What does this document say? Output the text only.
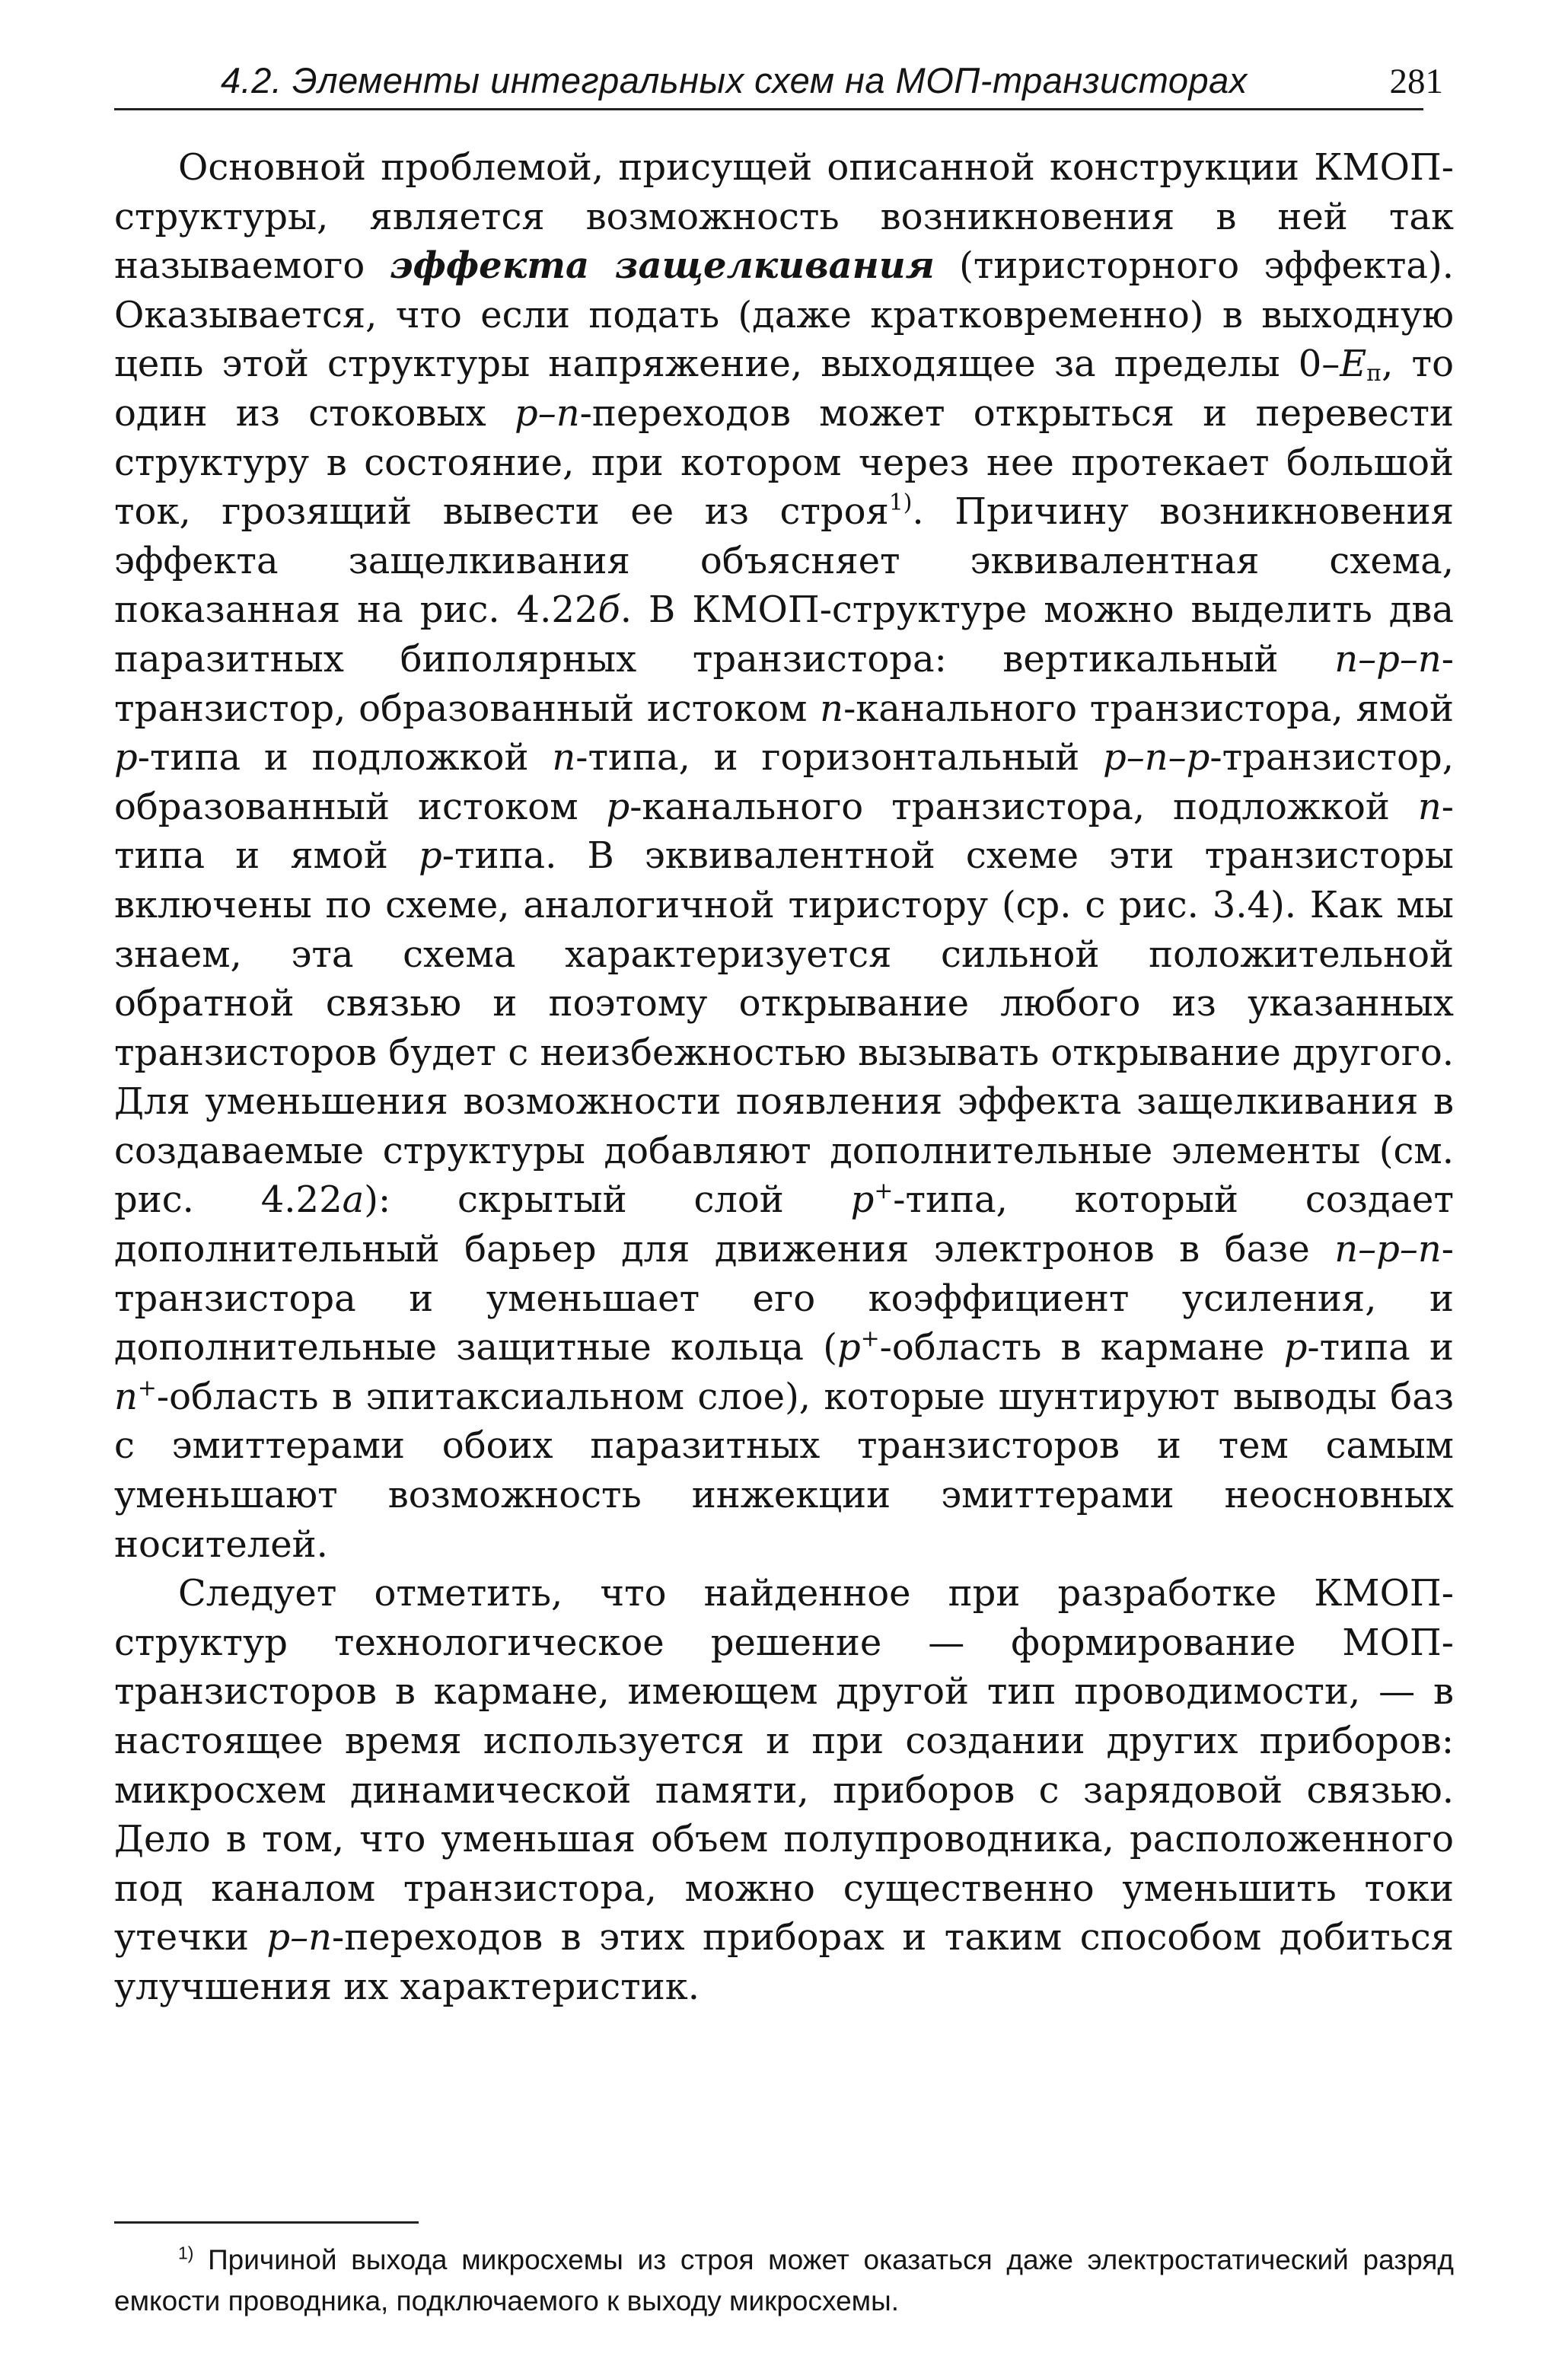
4.2. Элементы интегральных схем на МОП-транзисторах	281

Основной проблемой, присущей описанной конструкции КМОП-структуры, является возможность возникновения в ней так называемого эффекта защелкивания (тиристорного эффекта). Оказывается, что если подать (даже кратковременно) в выходную цепь этой структуры напряжение, выходящее за пределы $0-E_п$, то один из стоковых p–n-переходов может открыться и перевести структуру в состояние, при котором через нее протекает большой ток, грозящий вывести ее из строя$^{1)}$. Причину возникновения эффекта защелкивания объясняет эквивалентная схема, показанная на рис. 4.22б. В КМОП-структуре можно выделить два паразитных биполярных транзистора: вертикальный n–p–n-транзистор, образованный истоком n-канального транзистора, ямой p-типа и подложкой n-типа, и горизонтальный p–n–p-транзистор, образованный истоком p-канального транзистора, подложкой n-типа и ямой p-типа. В эквивалентной схеме эти транзисторы включены по схеме, аналогичной тиристору (ср. с рис. 3.4). Как мы знаем, эта схема характеризуется сильной положительной обратной связью и поэтому открывание любого из указанных транзисторов будет с неизбежностью вызывать открывание другого. Для уменьшения возможности появления эффекта защелкивания в создаваемые структуры добавляют дополнительные элементы (см. рис. 4.22а): скрытый слой p+-типа, который создает дополнительный барьер для движения электронов в базе n–p–n-транзистора и уменьшает его коэффициент усиления, и дополнительные защитные кольца (p+-область в кармане p-типа и n+-область в эпитаксиальном слое), которые шунтируют выводы баз с эмиттерами обоих паразитных транзисторов и тем самым уменьшают возможность инжекции эмиттерами неосновных носителей.

Следует отметить, что найденное при разработке КМОП-структур технологическое решение — формирование МОП-транзисторов в кармане, имеющем другой тип проводимости, — в настоящее время используется и при создании других приборов: микросхем динамической памяти, приборов с зарядовой связью. Дело в том, что уменьшая объем полупроводника, расположенного под каналом транзистора, можно существенно уменьшить токи утечки p–n-переходов в этих приборах и таким способом добиться улучшения их характеристик.

$^{1)}$ Причиной выхода микросхемы из строя может оказаться даже электростатический разряд емкости проводника, подключаемого к выходу микросхемы.
